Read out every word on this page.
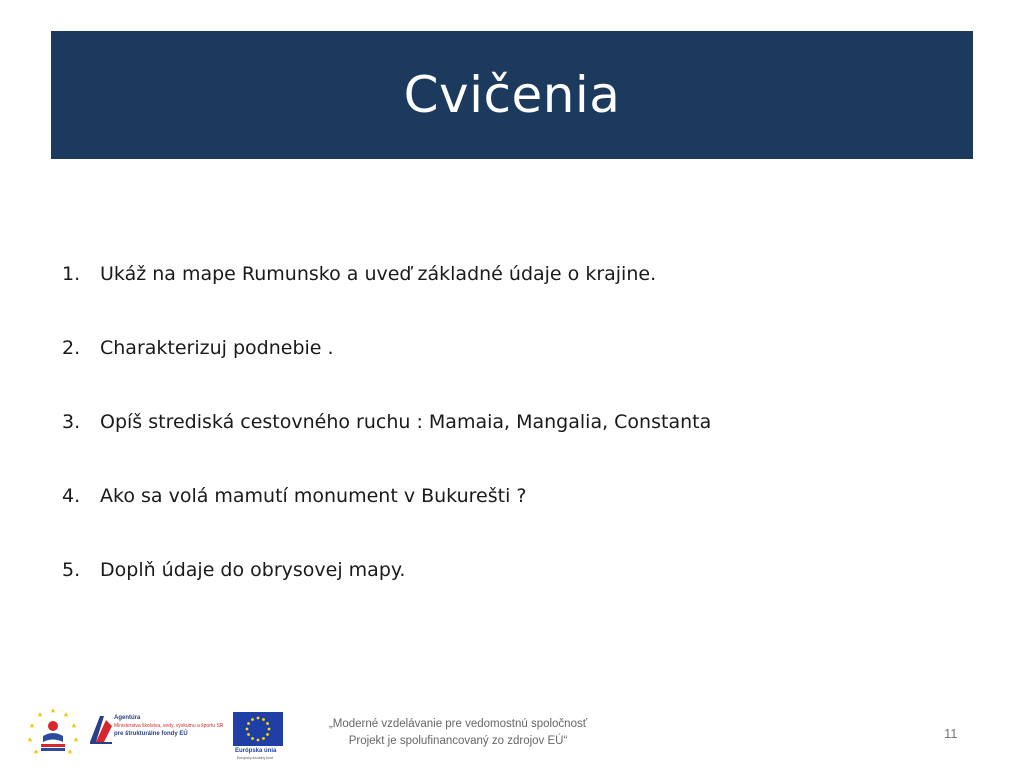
Cvičenia
1. Ukáž na mape Rumunsko a uveď základné údaje o krajine.
2. Charakterizuj podnebie .
3. Opíš strediská cestovného ruchu : Mamaia, Mangalia, Constanta
4. Ako sa volá mamutí monument v Bukurešti ?
5. Doplň údaje do obrysovej mapy.
Agentúra
Ministerstva školstva, vedy, výskumu a športu SR
pre štrukturálne fondy EÚ
Európska únia
Európsky sociálny fond
„Moderné vzdelávanie pre vedomostnú spoločnosť
Projekt je spolufinancovaný zo zdrojov EÚ“	11
